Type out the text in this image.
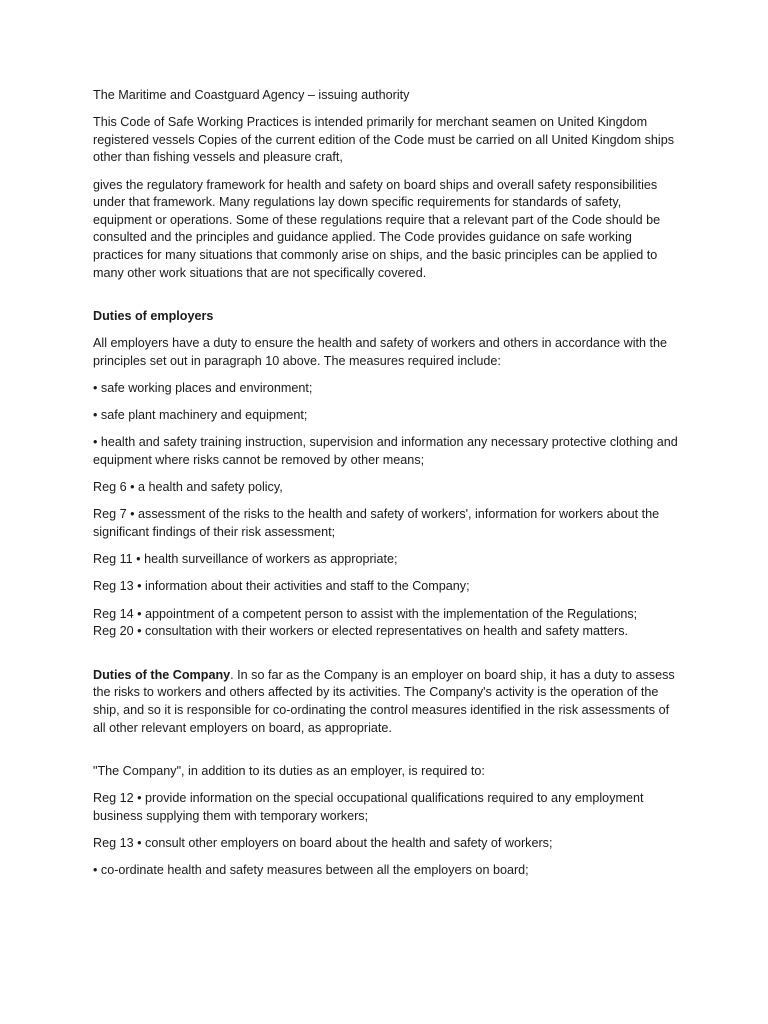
The Maritime and Coastguard Agency – issuing authority

This Code of Safe Working Practices is intended primarily for merchant seamen on United Kingdom registered vessels Copies of the current edition of the Code must be carried on all United Kingdom ships other than fishing vessels and pleasure craft,

gives the regulatory framework for health and safety on board ships and overall safety responsibilities under that framework. Many regulations lay down specific requirements for standards of safety, equipment or operations. Some of these regulations require that a relevant part of the Code should be consulted and the principles and guidance applied. The Code provides guidance on safe working practices for many situations that commonly arise on ships, and the basic principles can be applied to many other work situations that are not specifically covered.

Duties of employers

All employers have a duty to ensure the health and safety of workers and others in accordance with the principles set out in paragraph 10 above. The measures required include:

• safe working places and environment;

• safe plant machinery and equipment;

• health and safety training instruction, supervision and information any necessary protective clothing and equipment where risks cannot be removed by other means;

Reg 6 • a health and safety policy,

Reg 7 • assessment of the risks to the health and safety of workers', information for workers about the significant findings of their risk assessment;

Reg 11 • health surveillance of workers as appropriate;

Reg 13 • information about their activities and staff to the Company;

Reg 14 • appointment of a competent person to assist with the implementation of the Regulations;

Reg 20 • consultation with their workers or elected representatives on health and safety matters.

Duties of the Company. In so far as the Company is an employer on board ship, it has a duty to assess the risks to workers and others affected by its activities. The Company's activity is the operation of the ship, and so it is responsible for co-ordinating the control measures identified in the risk assessments of all other relevant employers on board, as appropriate.

"The Company", in addition to its duties as an employer, is required to:

Reg 12 • provide information on the special occupational qualifications required to any employment business supplying them with temporary workers;

Reg 13 • consult other employers on board about the health and safety of workers;

• co-ordinate health and safety measures between all the employers on board;
